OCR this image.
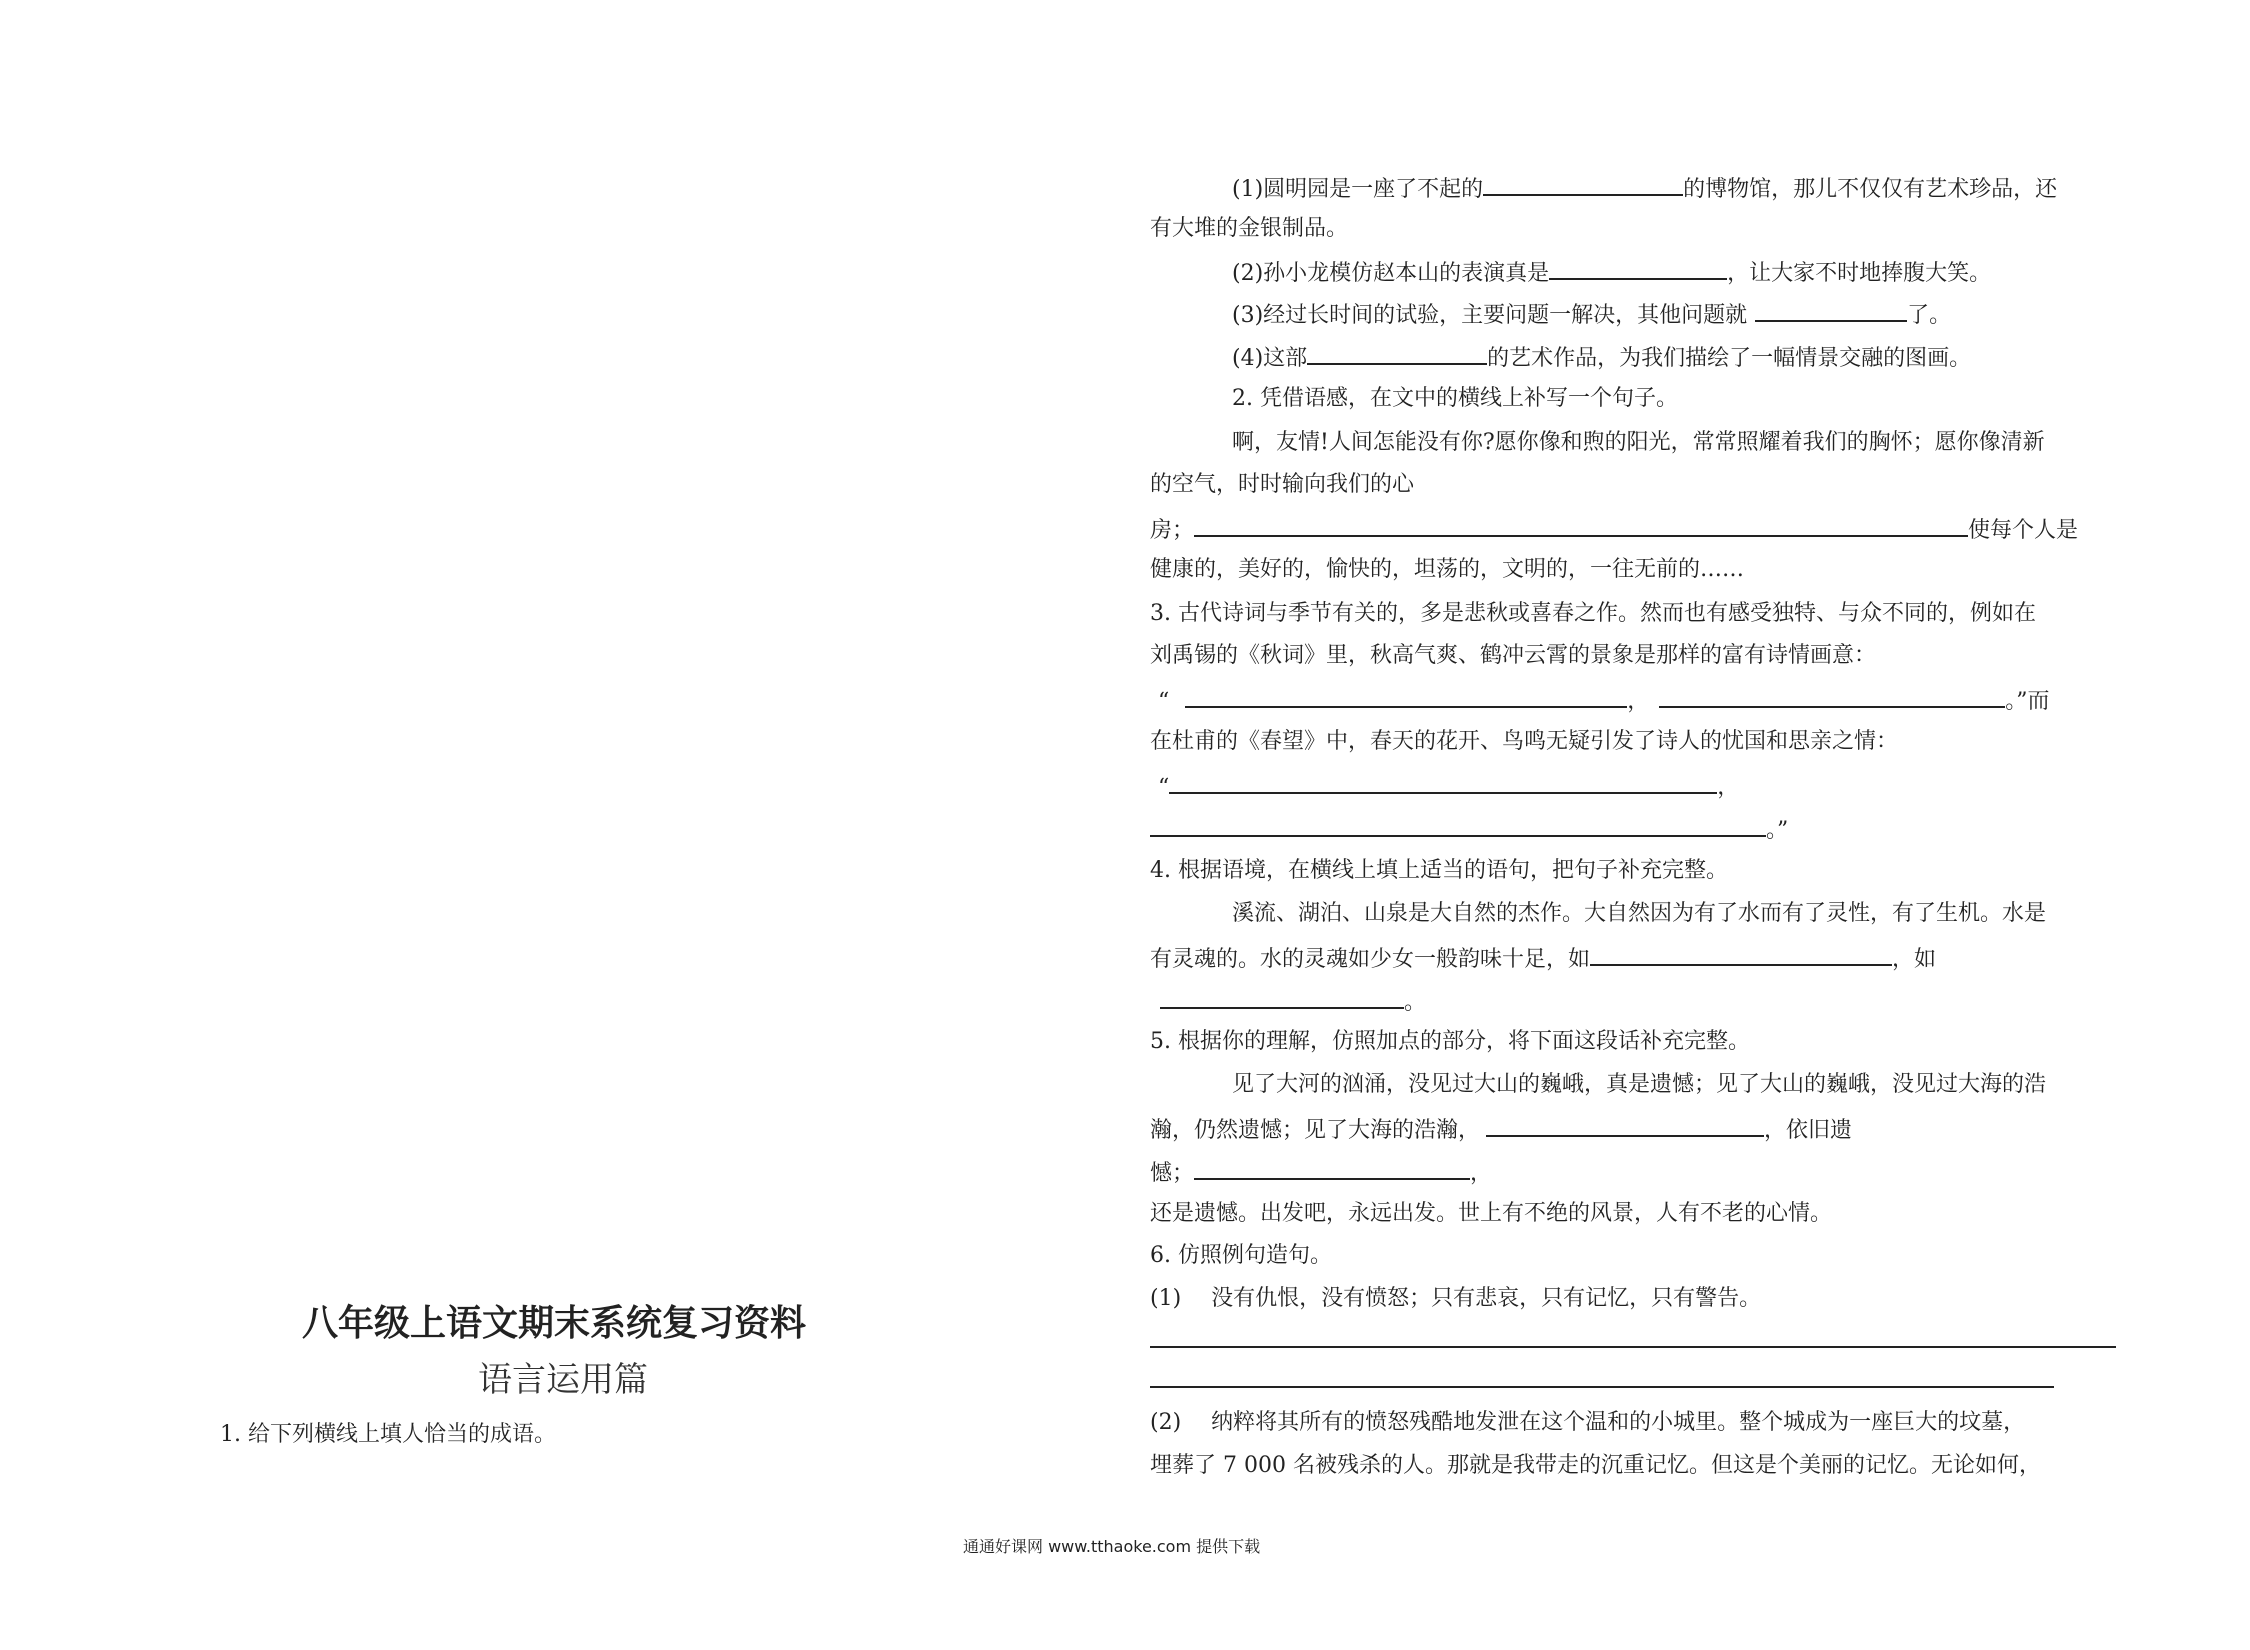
八年级上语文期末系统复习资料
语言运用篇
1. 给下列横线上填人恰当的成语。
(1)圆明园是一座了不起的	的博物馆，那儿不仅仅有艺术珍品，还
有大堆的金银制品。
(2)孙小龙模仿赵本山的表演真是	，让大家不时地捧腹大笑。
(3)经过长时间的试验，主要问题一解决，其他问题就	了。
(4)这部	的艺术作品，为我们描绘了一幅情景交融的图画。
2. 凭借语感，在文中的横线上补写一个句子。
啊，友情!人间怎能没有你?愿你像和煦的阳光，常常照耀着我们的胸怀；愿你像清新
的空气，时时输向我们的心
房；	使每个人是
健康的，美好的，愉快的，坦荡的，文明的，一往无前的……
3. 古代诗词与季节有关的，多是悲秋或喜春之作。然而也有感受独特、与众不同的，例如在
刘禹锡的《秋词》里，秋高气爽、鹤冲云霄的景象是那样的富有诗情画意：
“	，	。”而
在杜甫的《春望》中，春天的花开、鸟鸣无疑引发了诗人的忧国和思亲之情：
“	，
。”
4. 根据语境，在横线上填上适当的语句，把句子补充完整。
溪流、湖泊、山泉是大自然的杰作。大自然因为有了水而有了灵性，有了生机。水是
有灵魂的。水的灵魂如少女一般韵味十足，如	，如
。
5. 根据你的理解，仿照加点的部分，将下面这段话补充完整。
见了大河的汹涌，没见过大山的巍峨，真是遗憾；见了大山的巍峨，没见过大海的浩
瀚，仍然遗憾；见了大海的浩瀚，	，依旧遗
憾；	，
还是遗憾。出发吧，永远出发。世上有不绝的风景，人有不老的心情。
6. 仿照例句造句。
(1) 没有仇恨，没有愤怒；只有悲哀，只有记忆，只有警告。
(2) 纳粹将其所有的愤怒残酷地发泄在这个温和的小城里。整个城成为一座巨大的坟墓，
埋葬了 7 000 名被残杀的人。那就是我带走的沉重记忆。但这是个美丽的记忆。无论如何，
通通好课网 www.tthaoke.com 提供下载
